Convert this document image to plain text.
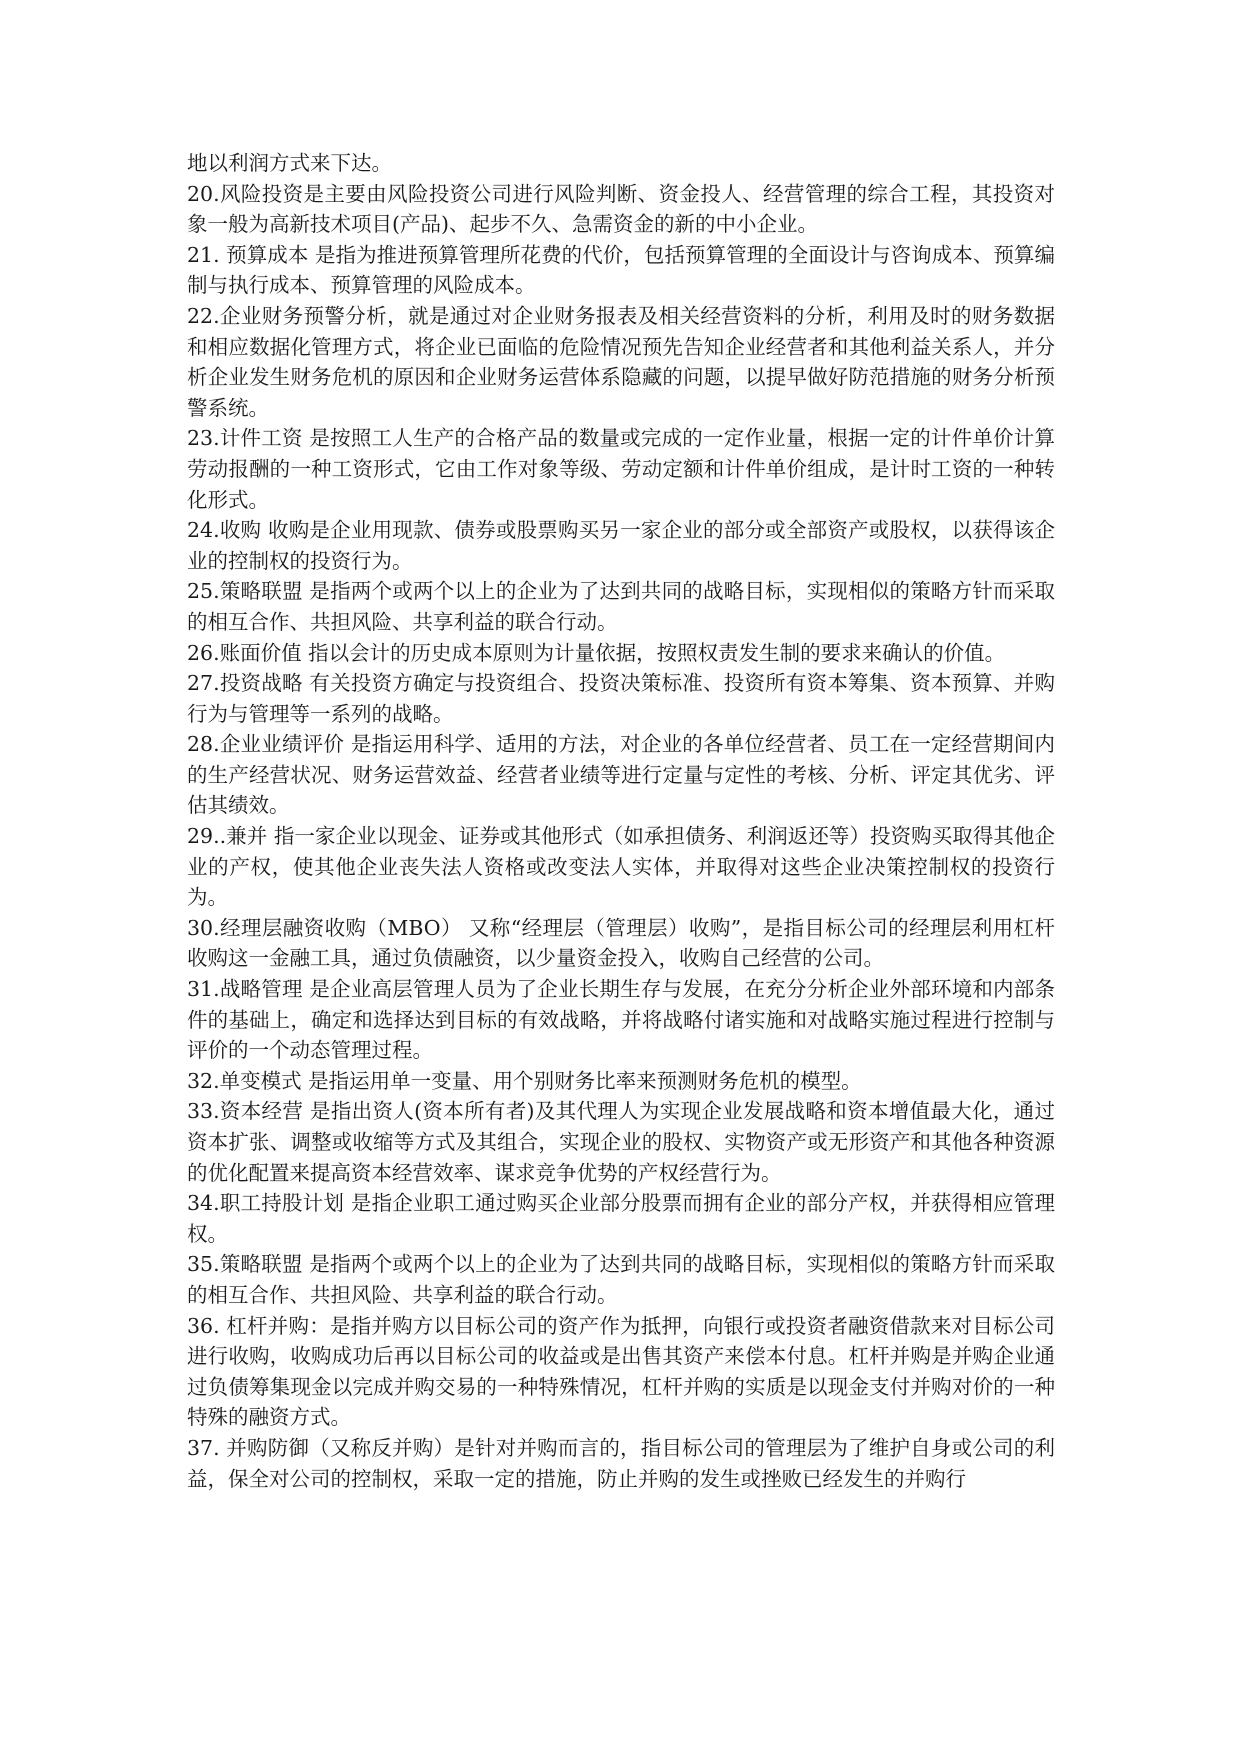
地以利润方式来下达。

20.风险投资是主要由风险投资公司进行风险判断、资金投人、经营管理的综合工程，其投资对象一般为高新技术项目(产品)、起步不久、急需资金的新的中小企业。

21. 预算成本 是指为推进预算管理所花费的代价，包括预算管理的全面设计与咨询成本、预算编制与执行成本、预算管理的风险成本。

22.企业财务预警分析，就是通过对企业财务报表及相关经营资料的分析，利用及时的财务数据和相应数据化管理方式，将企业已面临的危险情况预先告知企业经营者和其他利益关系人，并分析企业发生财务危机的原因和企业财务运营体系隐藏的问题，以提早做好防范措施的财务分析预警系统。

23.计件工资 是按照工人生产的合格产品的数量或完成的一定作业量，根据一定的计件单价计算劳动报酬的一种工资形式，它由工作对象等级、劳动定额和计件单价组成，是计时工资的一种转化形式。

24.收购 收购是企业用现款、债券或股票购买另一家企业的部分或全部资产或股权，以获得该企业的控制权的投资行为。

25.策略联盟 是指两个或两个以上的企业为了达到共同的战略目标，实现相似的策略方针而采取的相互合作、共担风险、共享利益的联合行动。

26.账面价值 指以会计的历史成本原则为计量依据，按照权责发生制的要求来确认的价值。

27.投资战略 有关投资方确定与投资组合、投资决策标准、投资所有资本筹集、资本预算、并购行为与管理等一系列的战略。

28.企业业绩评价 是指运用科学、适用的方法，对企业的各单位经营者、员工在一定经营期间内的生产经营状况、财务运营效益、经营者业绩等进行定量与定性的考核、分析、评定其优劣、评估其绩效。

29..兼并 指一家企业以现金、证券或其他形式（如承担债务、利润返还等）投资购买取得其他企业的产权，使其他企业丧失法人资格或改变法人实体，并取得对这些企业决策控制权的投资行为。

30.经理层融资收购（MBO） 又称“经理层（管理层）收购”，是指目标公司的经理层利用杠杆收购这一金融工具，通过负债融资，以少量资金投入，收购自己经营的公司。

31.战略管理 是企业高层管理人员为了企业长期生存与发展，在充分分析企业外部环境和内部条件的基础上，确定和选择达到目标的有效战略，并将战略付诸实施和对战略实施过程进行控制与评价的一个动态管理过程。

32.单变模式 是指运用单一变量、用个别财务比率来预测财务危机的模型。

33.资本经营 是指出资人(资本所有者)及其代理人为实现企业发展战略和资本增值最大化，通过资本扩张、调整或收缩等方式及其组合，实现企业的股权、实物资产或无形资产和其他各种资源的优化配置来提高资本经营效率、谋求竞争优势的产权经营行为。

34.职工持股计划 是指企业职工通过购买企业部分股票而拥有企业的部分产权，并获得相应管理权。

35.策略联盟 是指两个或两个以上的企业为了达到共同的战略目标，实现相似的策略方针而采取的相互合作、共担风险、共享利益的联合行动。

36. 杠杆并购：是指并购方以目标公司的资产作为抵押，向银行或投资者融资借款来对目标公司进行收购，收购成功后再以目标公司的收益或是出售其资产来偿本付息。杠杆并购是并购企业通过负债筹集现金以完成并购交易的一种特殊情况，杠杆并购的实质是以现金支付并购对价的一种特殊的融资方式。

37. 并购防御（又称反并购）是针对并购而言的，指目标公司的管理层为了维护自身或公司的利益，保全对公司的控制权，采取一定的措施，防止并购的发生或挫败已经发生的并购行
